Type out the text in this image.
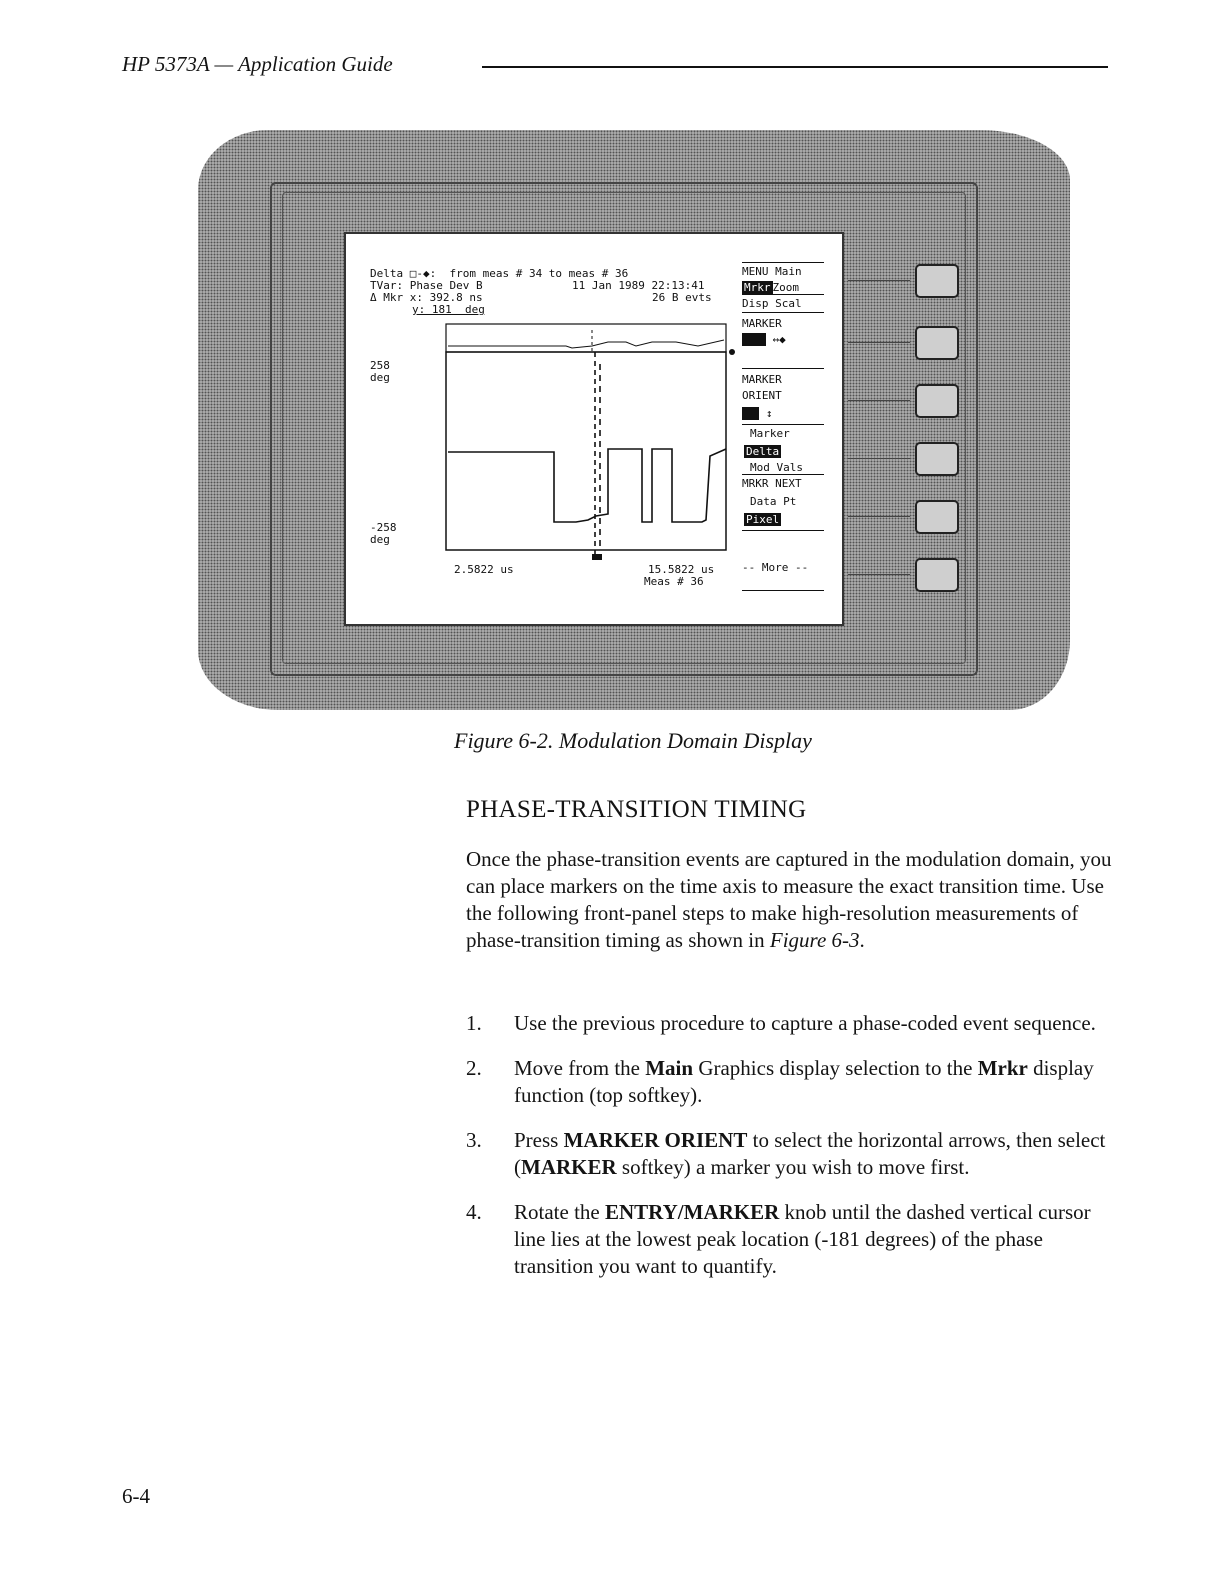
HP 5373A — Application Guide
Delta □-◆:  from meas # 34 to meas # 36
TVar: Phase Dev B	11 Jan 1989 22:13:41
Δ Mkr x: 392.8 ns	26 B evts
y: 181  deg
258
deg
-258
deg
2.5822 us	15.5822 us
Meas # 36
MENU Main
Mrkr Zoom
Disp Scal
MARKER
↔◆
MARKER
ORIENT
↕
Marker
Delta
Mod Vals
MRKR NEXT
Data Pt
Pixel
-- More --
Figure 6-2. Modulation Domain Display
PHASE-TRANSITION TIMING

Once the phase-transition events are captured in the modulation domain, you can place markers on the time axis to measure the exact transition time. Use the following front-panel steps to make high-resolution measurements of phase-transition timing as shown in Figure 6-3.

1. Use the previous procedure to capture a phase-coded event sequence.
2. Move from the Main Graphics display selection to the Mrkr display function (top softkey).
3. Press MARKER ORIENT to select the horizontal arrows, then select (MARKER softkey) a marker you wish to move first.
4. Rotate the ENTRY/MARKER knob until the dashed vertical cursor line lies at the lowest peak location (-181 degrees) of the phase transition you want to quantify.
6-4
